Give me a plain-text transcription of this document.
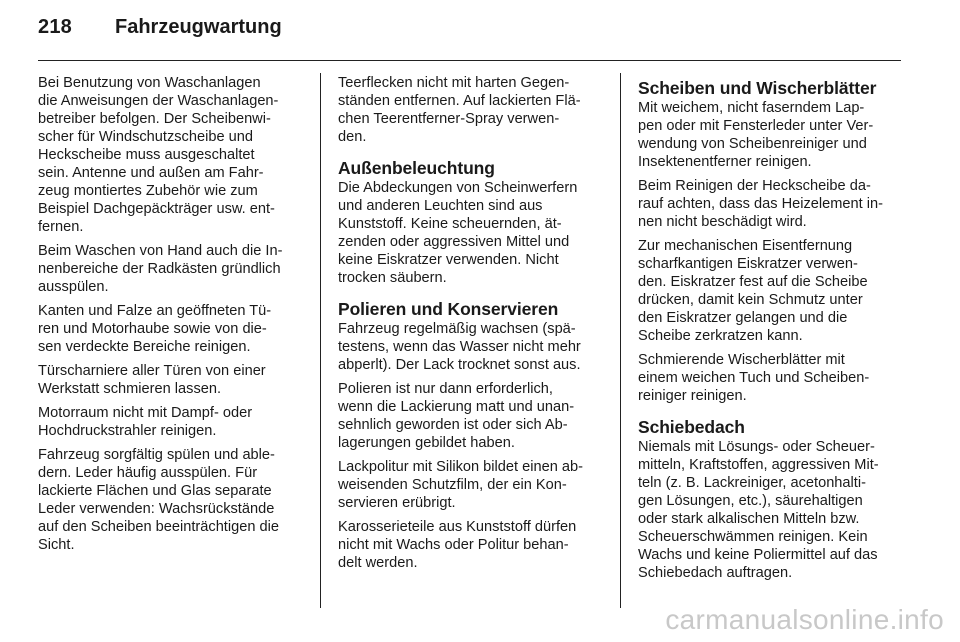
218 Fahrzeugwartung

Bei Benutzung von Waschanlagen
die Anweisungen der Waschanlagen-
betreiber befolgen. Der Scheibenwi-
scher für Windschutzscheibe und
Heckscheibe muss ausgeschaltet
sein. Antenne und außen am Fahr-
zeug montiertes Zubehör wie zum
Beispiel Dachgepäckträger usw. ent-
fernen.

Beim Waschen von Hand auch die In-
nenbereiche der Radkästen gründlich
ausspülen.

Kanten und Falze an geöffneten Tü-
ren und Motorhaube sowie von die-
sen verdeckte Bereiche reinigen.

Türscharniere aller Türen von einer
Werkstatt schmieren lassen.

Motorraum nicht mit Dampf- oder
Hochdruckstrahler reinigen.

Fahrzeug sorgfältig spülen und able-
dern. Leder häufig ausspülen. Für
lackierte Flächen und Glas separate
Leder verwenden: Wachsrückstände
auf den Scheiben beeinträchtigen die
Sicht.

Teerflecken nicht mit harten Gegen-
ständen entfernen. Auf lackierten Flä-
chen Teerentferner-Spray verwen-
den.

Außenbeleuchtung

Die Abdeckungen von Scheinwerfern
und anderen Leuchten sind aus
Kunststoff. Keine scheuernden, ät-
zenden oder aggressiven Mittel und
keine Eiskratzer verwenden. Nicht
trocken säubern.

Polieren und Konservieren

Fahrzeug regelmäßig wachsen (spä-
testens, wenn das Wasser nicht mehr
abperlt). Der Lack trocknet sonst aus.

Polieren ist nur dann erforderlich,
wenn die Lackierung matt und unan-
sehnlich geworden ist oder sich Ab-
lagerungen gebildet haben.

Lackpolitur mit Silikon bildet einen ab-
weisenden Schutzfilm, der ein Kon-
servieren erübrigt.

Karosserieteile aus Kunststoff dürfen
nicht mit Wachs oder Politur behan-
delt werden.

Scheiben und Wischerblätter

Mit weichem, nicht faserndem Lap-
pen oder mit Fensterleder unter Ver-
wendung von Scheibenreiniger und
Insektenentferner reinigen.

Beim Reinigen der Heckscheibe da-
rauf achten, dass das Heizelement in-
nen nicht beschädigt wird.

Zur mechanischen Eisentfernung
scharfkantigen Eiskratzer verwen-
den. Eiskratzer fest auf die Scheibe
drücken, damit kein Schmutz unter
den Eiskratzer gelangen und die
Scheibe zerkratzen kann.

Schmierende Wischerblätter mit
einem weichen Tuch und Scheiben-
reiniger reinigen.

Schiebedach

Niemals mit Lösungs- oder Scheuer-
mitteln, Kraftstoffen, aggressiven Mit-
teln (z. B. Lackreiniger, acetonhalti-
gen Lösungen, etc.), säurehaltigen
oder stark alkalischen Mitteln bzw.
Scheuerschwämmen reinigen. Kein
Wachs und keine Poliermittel auf das
Schiebedach auftragen.

carmanualsonline.info
